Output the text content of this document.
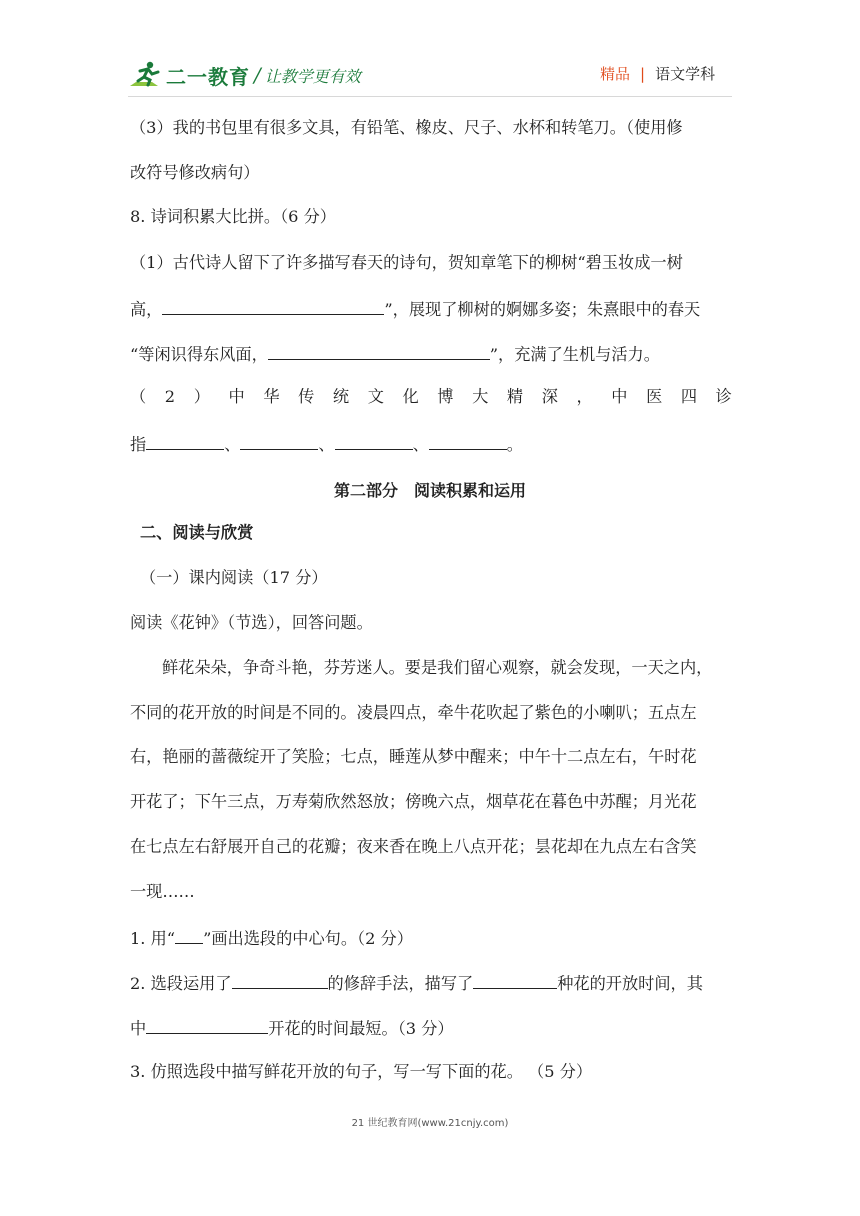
二一教育 / 让教学更有效	精品 | 语文学科
（3）我的书包里有很多文具，有铅笔、橡皮、尺子、水杯和转笔刀。（使用修
改符号修改病句）
8. 诗词积累大比拼。（6 分）
（1）古代诗人留下了许多描写春天的诗句，贺知章笔下的柳树“碧玉妆成一树
高，	”，展现了柳树的婀娜多姿；朱熹眼中的春天
“等闲识得东风面，	”，充满了生机与活力。
（ 2 ） 中 华 传 统 文 化 博 大 精 深 ， 中 医 四 诊
指	、	、	、	。
第二部分　阅读积累和运用
二、阅读与欣赏
（一）课内阅读（17 分）
阅读《花钟》（节选），回答问题。
鲜花朵朵，争奇斗艳，芬芳迷人。要是我们留心观察，就会发现，一天之内，
不同的花开放的时间是不同的。凌晨四点，牵牛花吹起了紫色的小喇叭；五点左
右，艳丽的蔷薇绽开了笑脸；七点，睡莲从梦中醒来；中午十二点左右，午时花
开花了；下午三点，万寿菊欣然怒放；傍晚六点，烟草花在暮色中苏醒；月光花
在七点左右舒展开自己的花瓣；夜来香在晚上八点开花；昙花却在九点左右含笑
一现……
1. 用“ ”画出选段的中心句。（2 分）
2. 选段运用了	的修辞手法，描写了	种花的开放时间，其
中	开花的时间最短。（3 分）
3. 仿照选段中描写鲜花开放的句子，写一写下面的花。 （5 分）
21 世纪教育网(www.21cnjy.com)
